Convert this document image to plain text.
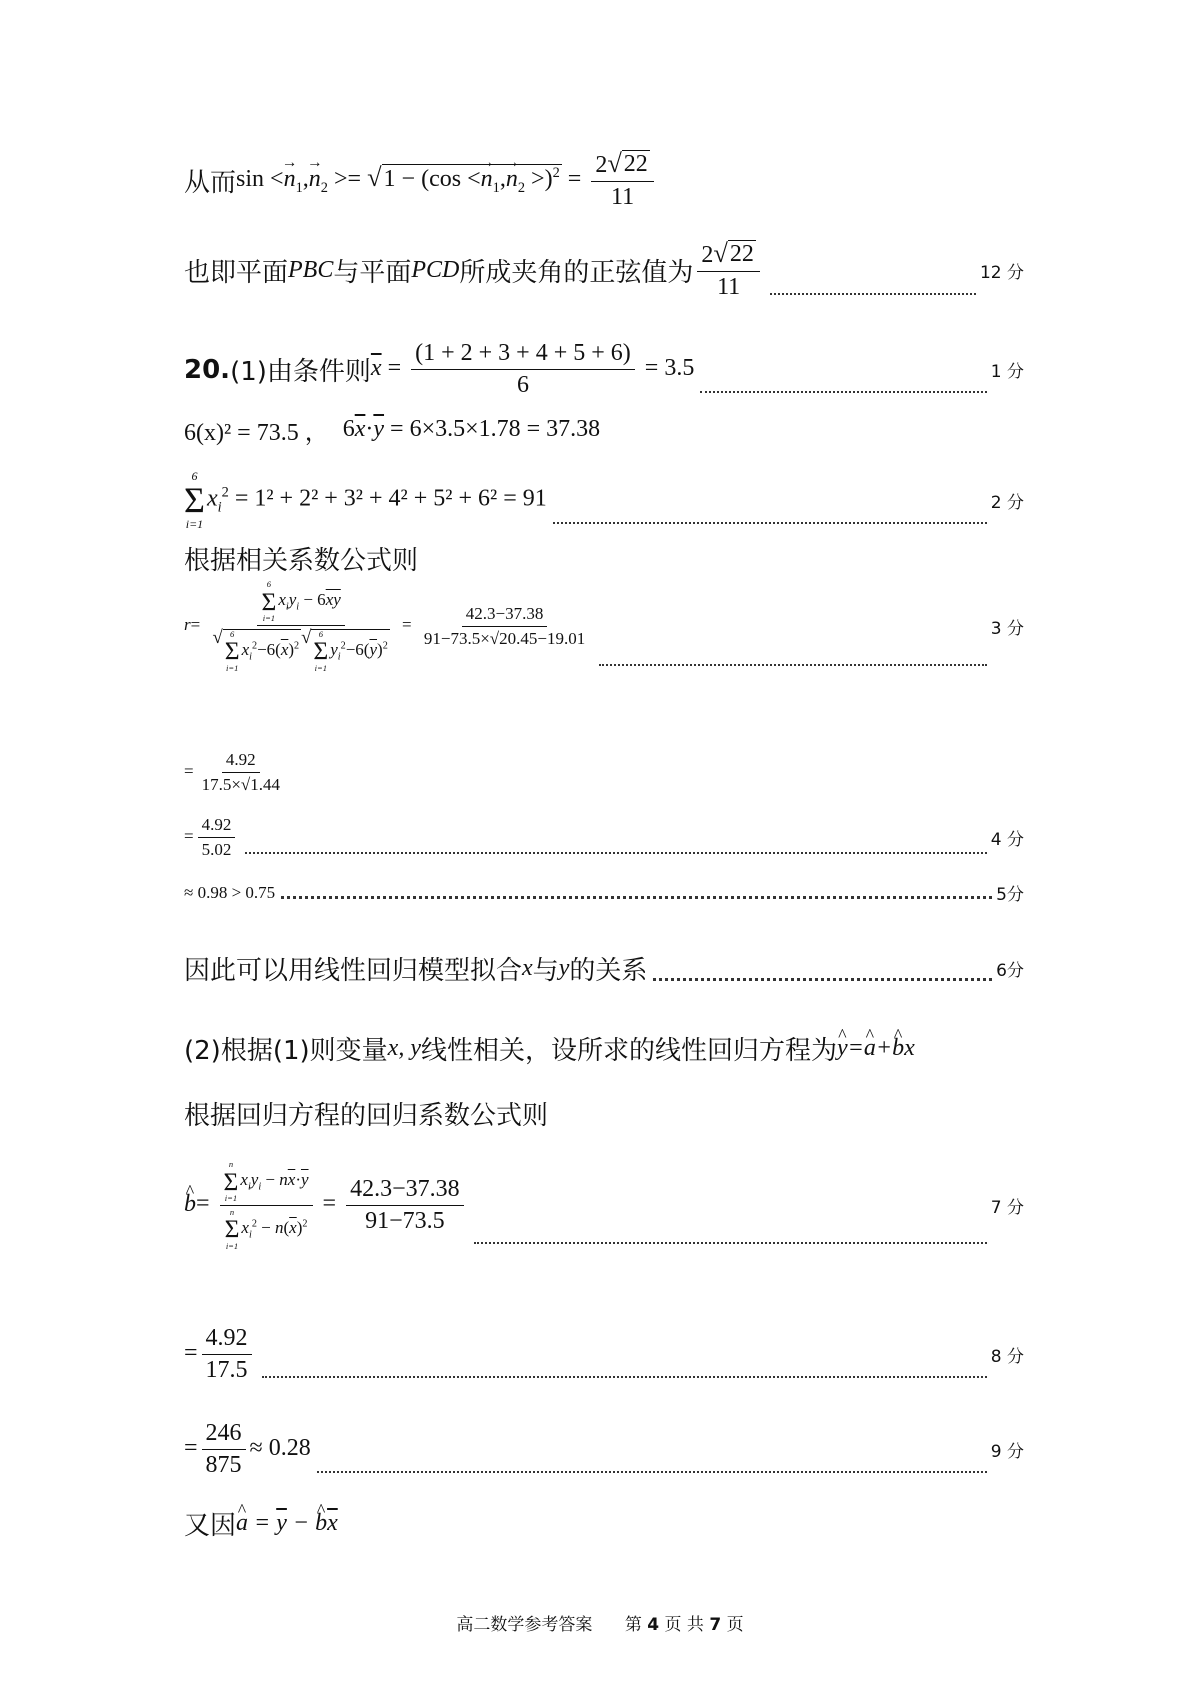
从而 $\sin <\to n_1,\to n_2$ >= √ $1 - (\cos <\to n_1,\to n_2 >)^2 = \frac{2 √ 22}{11}$
也即平面 PBC 与平面 PCD 所成夹角的正弦值为 $\frac{2 √ 22}{11}$	12 分
20. (1)由条件则 $\overline{x} = \frac{(1 + 2 + 3 + 4 + 5 + 6)}{6} = 3.5$	1 分
6(x)² = 73.5 ， $6\overline{x}\cdot\overline{y} = 6\times 3.5\times 1.78 = 37.38$
6
Σ
i=1
$x_i^2 = 1^2 + 2^2 + 3^2 + 4^2 + 5^2 + 6^2 = 91$	2 分
根据相关系数公式则
r= 6
Σ
i=1
$x_iy_i - 6\overline{xy}$
√ 6
Σ
i=1
$x_i^2-6(\overline{x})^2$ √ 6
Σ
i=1
$y_i^2-6(\overline{y})^2 = \frac{42.3-37.38}{91-73.5\times√20.45-19.01}$	3 分
= $\frac{4.92}{17.5\times√1.44}$
= $\frac{4.92}{5.02}$	4 分
≈ 0.98 > 0.75	5分
因此可以用线性回归模型拟合 x 与 y 的关系	6分
(2)根据(1)则变量 x, y 线性相关，设所求的线性回归方程为 ^ y=^ a+^ bx
根据回归方程的回归系数公式则
^ b= n
Σ
i=1
$x_iy_i - n\overline{x}\cdot\overline{y}$
n
Σ
i=1
$x_i^2 - n(\overline{x})^2 = \frac{42.3-37.38}{91-73.5}$	7 分
= $\frac{4.92}{17.5}$	8 分
= $\frac{246}{875} \approx 0.28$	9 分
又因 ^ $a = \overline{y}$ − ^ $b\overline{x}$
高二数学参考答案 第 4 页 共 7 页
